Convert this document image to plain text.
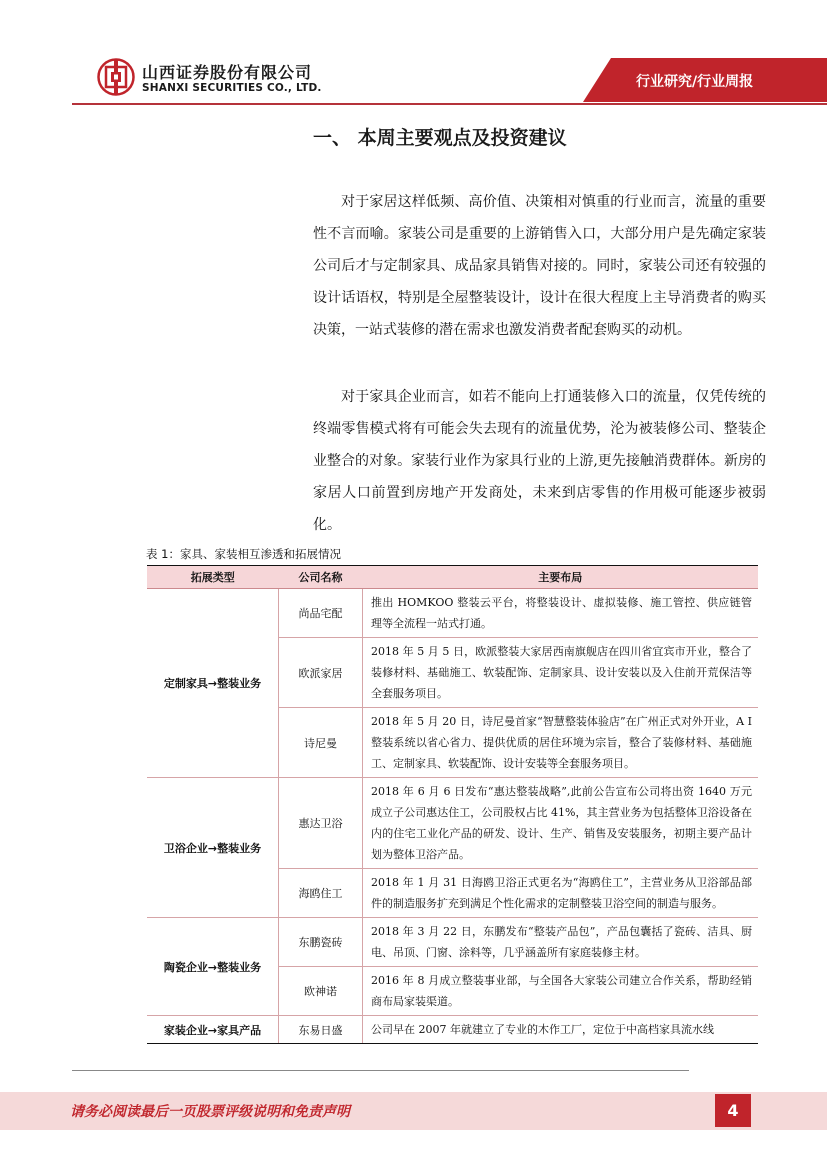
山西证券股份有限公司
SHANXI SECURITIES CO., LTD.	行业研究/行业周报
一、 本周主要观点及投资建议

对于家居这样低频、高价值、决策相对慎重的行业而言，流量的重要性不言而喻。家装公司是重要的上游销售入口，大部分用户是先确定家装公司后才与定制家具、成品家具销售对接的。同时，家装公司还有较强的设计话语权，特别是全屋整装设计，设计在很大程度上主导消费者的购买决策，一站式装修的潜在需求也激发消费者配套购买的动机。

对于家具企业而言，如若不能向上打通装修入口的流量，仅凭传统的终端零售模式将有可能会失去现有的流量优势，沦为被装修公司、整装企业整合的对象。家装行业作为家具行业的上游,更先接触消费群体。新房的家居人口前置到房地产开发商处，未来到店零售的作用极可能逐步被弱化。

表 1：家具、家装相互渗透和拓展情况
拓展类型	公司名称	主要布局
定制家具→整装业务	尚品宅配	推出 HOMKOO 整装云平台，将整装设计、虚拟装修、施工管控、供应链管理等全流程一站式打通。
	欧派家居	2018 年 5 月 5 日，欧派整装大家居西南旗舰店在四川省宜宾市开业，整合了装修材料、基础施工、软装配饰、定制家具、设计安装以及入住前开荒保洁等全套服务项目。
	诗尼曼	2018 年 5 月 20 日，诗尼曼首家“智慧整装体验店”在广州正式对外开业，A I 整装系统以省心省力、提供优质的居住环境为宗旨，整合了装修材料、基础施工、定制家具、软装配饰、设计安装等全套服务项目。
卫浴企业→整装业务	惠达卫浴	2018 年 6 月 6 日发布“惠达整装战略”,此前公告宣布公司将出资 1640 万元成立子公司惠达住工，公司股权占比 41%，其主营业务为包括整体卫浴设备在内的住宅工业化产品的研发、设计、生产、销售及安装服务，初期主要产品计划为整体卫浴产品。
	海鸥住工	2018 年 1 月 31 日海鸥卫浴正式更名为“海鸥住工”，主营业务从卫浴部品部件的制造服务扩充到满足个性化需求的定制整装卫浴空间的制造与服务。
陶瓷企业→整装业务	东鹏瓷砖	2018 年 3 月 22 日，东鹏发布“整装产品包”，产品包囊括了瓷砖、洁具、厨电、吊顶、门窗、涂料等，几乎涵盖所有家庭装修主材。
	欧神诺	2016 年 8 月成立整装事业部，与全国各大家装公司建立合作关系，帮助经销商布局家装渠道。
家装企业→家具产品	东易日盛	公司早在 2007 年就建立了专业的木作工厂，定位于中高档家具流水线
请务必阅读最后一页股票评级说明和免责声明	4
